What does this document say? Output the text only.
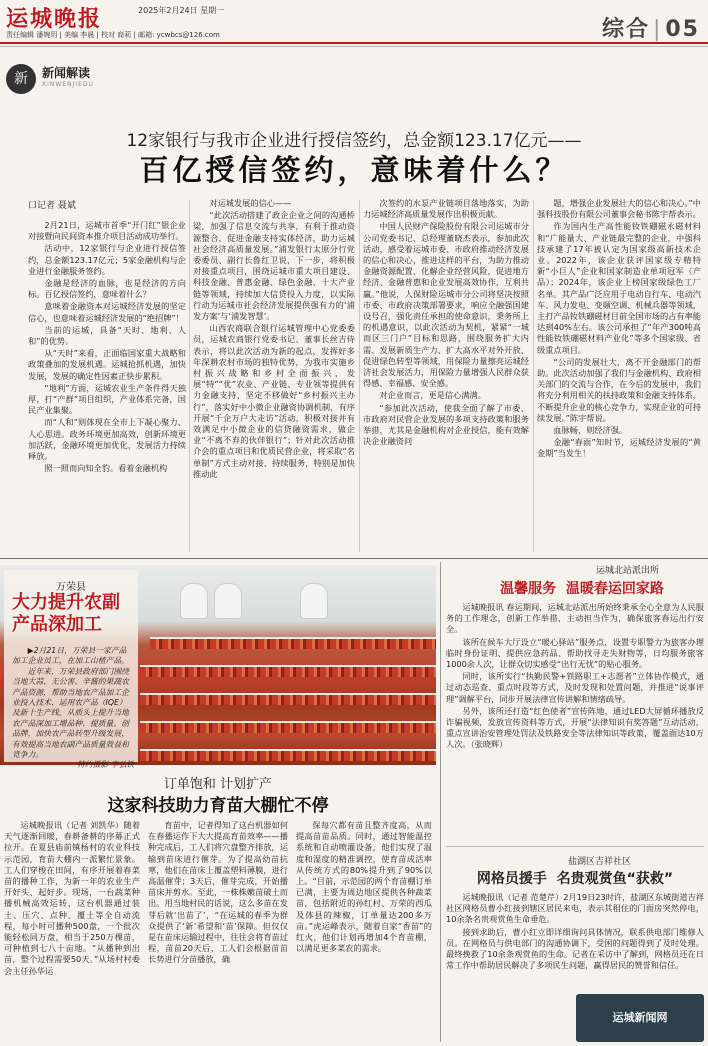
运城晚报	2025年2月24日 星期一
责任编辑 潘婉玥 | 美编 李晨 | 校对 商莉 | 邮箱: ycwbcs@126.com	综合 | 05
新	新闻解读
XINWENJIEDU
12家银行与我市企业进行授信签约，总金额123.17亿元——
百亿授信签约，意味着什么？
口记者 聂斌

2月21日，运城市首季“开门红”银企业对接暨向民间资本推介项目活动成功举行。

活动中，12家银行与企业进行授信签约，总金额123.17亿元；5家金融机构与企业进行金融服务签约。

金融是经济的血脉，也是经济的方向标。百亿授信签约，意味着什么？

意味着金融资本对运城经济发展的坚定信心，也意味着运城经济发展的“绝招牌”！

当前的运城，具备“天时、地利、人和”的优势。

从“天时”来看，正面临国家重大战略和政策叠加的发展机遇。运城抢抓机遇，加快发展，发展的确定性因素正快步累积。

“地利”方面，运城农业生产条件得天独厚，打“产群”项目组织，产业体系完备，国民产业集聚。

而“人和”则体现在全市上下凝心聚力、人心思进。政务环境更加高效，创新环境更加活跃，金融环境更加优化，发展活力持续释放。

照一照而向知全豹。看着金融机构

对运城发展的信心——

“此次活动搭建了政企企业之间的沟通桥梁，加强了信息交流与共享，有利于推动资源整合，促进金融支持实体经济，助力运城社会经济高质量发展。”浦发银行太原分行党委委员、副行长鲁红卫说，下一步，将积极对接重点项目，围绕运城市重大项目建设、科技金融、普惠金融、绿色金融、十大产业链等领域，持续加大信贷投入力度，以实际行动为运城市社会经济发展提供强有力的‘浦发方案’与‘浦发智慧’。

山西农商联合银行运城管理中心党委委员，运城农商银行党委书记、董事长丝吉侍表示，将以此次活动为新的起点，发挥好多年深耕农村市场的独特优势，为我市实施乡村振兴战略和乡村全面振兴，发展“特”“优”农业、产业链、专业领等提供有力金融支持，坚定不移做好“乡村振兴主办行”，落实好中小微企业融资协调机制，有序开展“千企万户大走访”活动，积极对接并有效满足中小微企业的信贷融资需求，做企业“不离不弃的伙伴银行”；针对此次活动推介会的重点项目和优质民营企业，将采取“名单制”方式主动对接、持续服务，特别是加快推动此

次签约的水泵产业链项目落地落实，为助力运城经济高质量发展作出积极贡献。

中国人民财产保险股份有限公司运城市分公司党委书记、总经理董晓杰表示，参加此次活动，感受着运城市委、市政府推动经济发展的信心和决心，推进这样的平台，为助力推动金融资源配置、化解企业经营风险，促进地方经济、金融普惠和企业发展高效协作，互利共赢。”他说，人保财险运城市分公司将坚决按照市委、市政府决策部署要求，响应全融强国建设号召，强化责任承担的使命意识，秉务所上的机遇意识，以此次活动为契机，紧紧“一城而区三门户”目标和思路，围绕服务扩大内需、发展新质生产力、扩大高水平对外开放、促进绿色转型等领域，用保险力量擦亮运城经济社会发展活力，用保险力量增强人民群众获得感、幸福感、安全感。

对企业而言，更是信心满满。

“参加此次活动，使我全面了解了市委、市政府对民营企业发展的多项支持政策和服务举措，尤其是金融机构对企业授信，能有效解决企业融资问

题，增强企业发展壮大的信心和决心。”中强科技股份有限公司董事会秘书陈宇帮表示。

作为国内生产高性能钕铁硼磁永磁材料和“广能量大、产业链最完整的企业，中强科技承建了17年被认定为国家级高新技术企业。2022年，该企业获评国家级专精特新“小巨人”企业和国家制造业单项冠军（产品）；2024年，该企业上榜国家级绿色工厂名单。其产品广泛应用于电动自行车、电动汽车、风力发电、变频空调、机械兵器等领域，主打产品钕铁硼磁材目前全国市场的占有率能达到40%左右。该公司承担了“年产300吨高性能钕铁硼磁材料产业化”等多个国家级、省级重点项目。

“公司的发展壮大，离不开金融部门的帮助。此次活动加强了我们与金融机构、政府相关部门的交流与合作，在今后的发展中，我们将充分利用相关的扶持政策和金融支持体系，不断提升企业的核心竞争力，实现企业的可持续发展。”陈宇帮说。

血脉畅，则经济强。

金融“春雨”知时节，运城经济发展的“黄金期”当发生！

万荣县
大力提升农副产品深加工

▶2月21日，万荣县一家产品加工企业员工，在加工山楂产品。

近年来，万荣县政府部门围绕当地大蒜、无公害、辛酱的果蔬农产品资源，帮助当地农产品加工企业投入技术、运用农产品（IQE）及新十生产线，从质头上提升当地农产品深加工增品种、提质量、创品牌，加快农产品转型升级发展，有效提高当地农副产品质量效益和竞争力。

特约摄影 李弘铁
订单饱和 计划扩产
这家科技助力育苗大棚忙不停

运城晚报讯（记者 刘凯华）随着天气逐渐回暖，春耕备耕的序幕正式拉开。在夏县庙前镇杨村的农业科技示范园，育苗大棚内一派繁忙景象。工人们穿梭在田间，有序开展着春菜苗的播种工作，为新一年的农业生产开好头、起好步。现场，一台蔬菜种播机械高效运转，这台机器通过装土、压穴、点种、覆土等全自动流程，每小时可播种500盘，一个批次能轻松同万盘，相当于250万棵苗，可种植到七八十亩地。“从播种到出苗，整个过程需要50天。”从场村村委会主任孙华运

育苗中，记者得知了这台机器如何在春播运作下大大提高育苗效率——播种完成后，工人们将穴盘整齐排放，运输到苗床进行催芽。为了提高幼苗抗寒，他们在苗床上覆盖塑料薄膜，进行高温催芽；3天后，催芽完成，开始播苗床并剪水。至此，一株株嫩苗破土而出。用当地村民的话说，这么多苗在发芽后就‘出苗了’，“在运城的春季为群众提供了‘新’希望和‘苗’保障。但仅仅是在苗床运输过程中，往往会将育苗过程，苗苗20天后，工人们会根据苗苗长势进行分苗播放，确

保每穴都有苗且整齐度高，从而提高苗苗品质。同时，通过智能温控系统和自动喷灌设备，他们实现了温度和湿度的精准调控，使育苗成活率从传统方式的80%提升到了90%以上。“目前，示范园的两个育苗棚订单已满，主要为周边地区提供各种蔬菜苗，包括附近的孙红村、万荣的西瓜及体县的辣椒，订单量达200多万亩。”虎运峰表示，随着自家“香苗”的红火，他们计划再增加4个育苗棚，以满足更多菜农的需求。

运城北站派出所
温馨服务 温暖春运回家路

运城晚报讯 春运期间，运城北站派出所始终秉承全心全意为人民服务的工作理念，创新工作举措，主动担当作为，确保旅客春运出行安全。

该所在候车大厅设立“暖心驿站”服务点，设置专职警力为旅客办理临时身份证明、提供应急药品、帮助找寻走失财物等，日均服务旅客1000余人次，让群众切实感受“出行无忧”的贴心服务。

同时，该所实行“执勤民警+铁路职工+志愿者”立体协作模式，通过动态巡查、重点时段等方式，及时发现和处置问题，并推进“说事评理”调解平台，同步开展法律宣传讲解和情绪疏导。

另外，该所还打造“红色使者”宣传阵地，通过LED大屏循环播放反诈骗视频，发放宣传资料等方式，开展“法律知识有奖答题”互动活动，重点宣讲治安管理处罚法及铁路安全等法律知识等政策，覆盖面达10万人次。（张晓辉）

盐湖区吉祥社区
网格员援手 名贵观赏鱼“获救”

运城晚报讯（记者 范楚芹）2月19日23时许，盐湖区东城街道吉祥社区网格员曹小红接到辖区居民来电，表示其租住的门面房突然停电，10余条名贵观赏鱼生命垂危。

接到求助后，曹小红立即详细询问具体情况，联系供电部门维修人员。在网格员与供电部门的沟通协调下，受困的问题得到了及时处理。最终挽救了10余条观赏鱼的生命。记者在采访中了解到，网格员还在日常工作中帮助居民解决了多项民生问题，赢得居民的赞誉和信任。

运城新闻网
